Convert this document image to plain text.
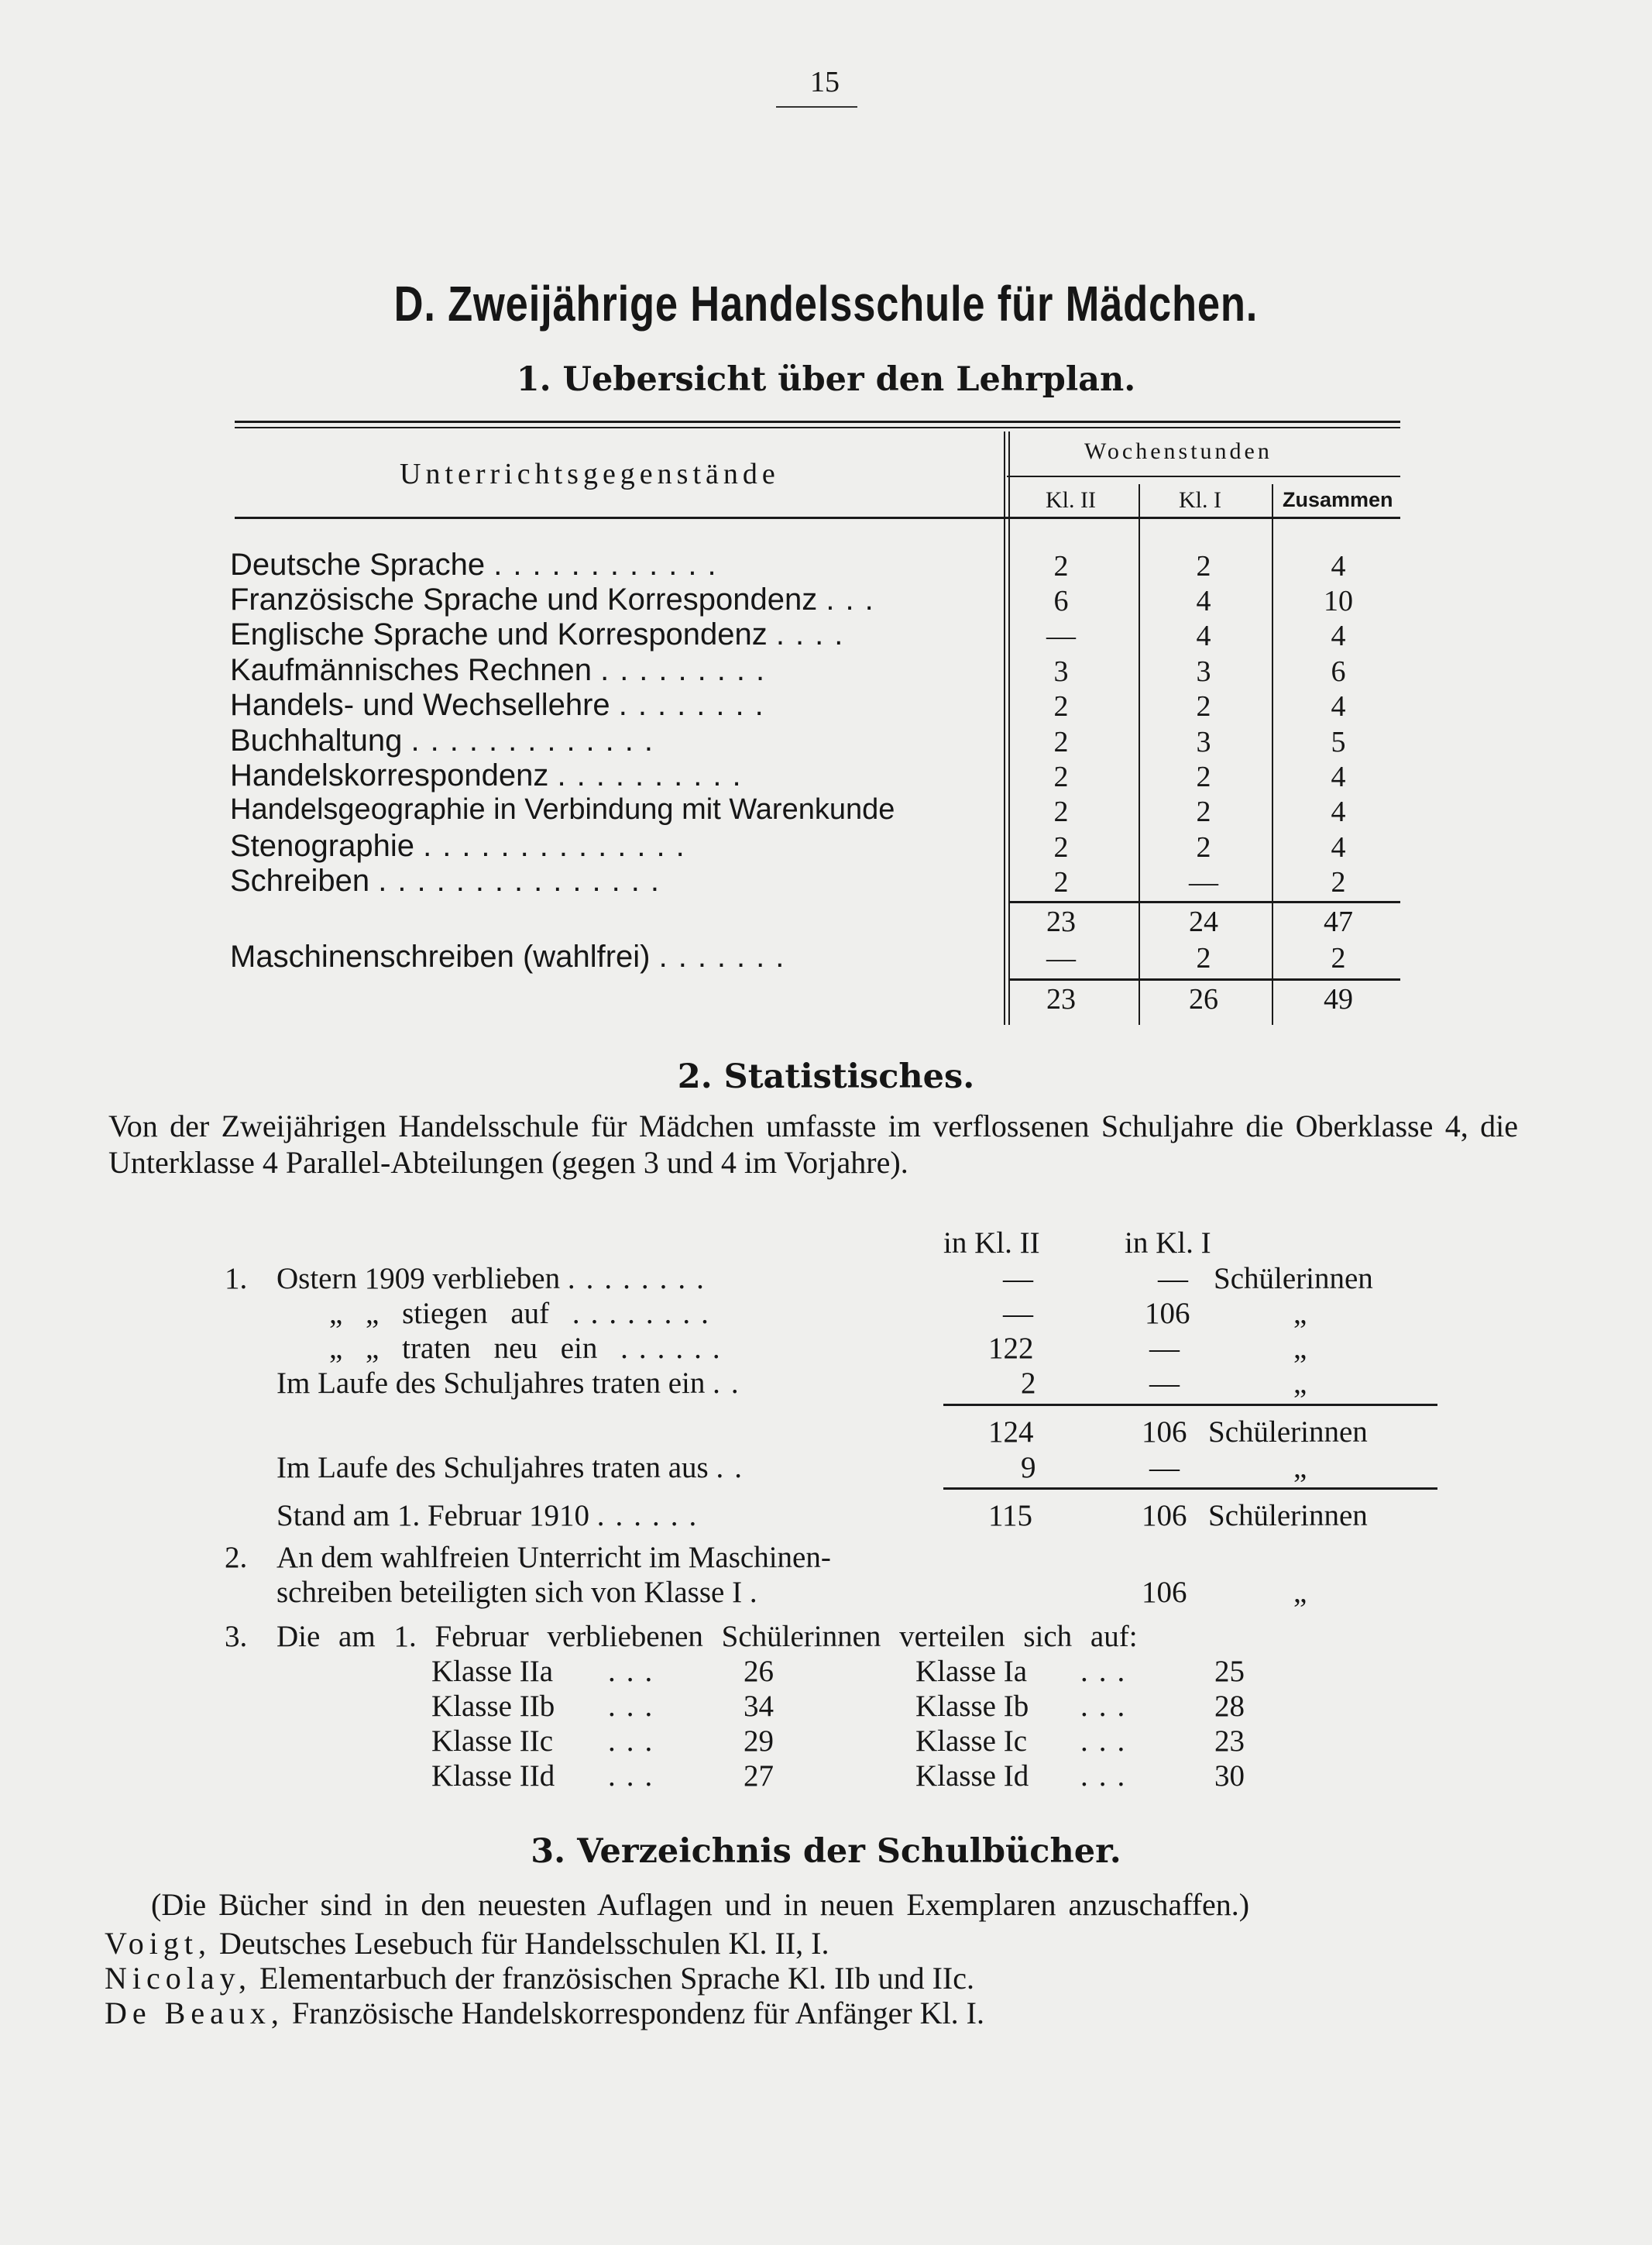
15
D. Zweijährige Handelsschule für Mädchen.
1. Uebersicht über den Lehrplan.
Unterrichtsgegenstände
Wochenstunden
Kl. II	Kl. I	Zusammen
Deutsche Sprache ............	2	2	4
Französische Sprache und Korrespondenz ...	6	4	10
Englische Sprache und Korrespondenz ....	—	4	4
Kaufmännisches Rechnen .........	3	3	6
Handels- und Wechsellehre ........	2	2	4
Buchhaltung .............	2	3	5
Handelskorrespondenz ..........	2	2	4
Handelsgeographie in Verbindung mit Warenkunde	2	2	4
Stenographie ..............	2	2	4
Schreiben ...............	2	—	2
23	24	47
Maschinenschreiben (wahlfrei) .......	—	2	2
23	26	49
2. Statistisches.
Von der Zweijährigen Handelsschule für Mädchen umfasste im verflossenen Schuljahre die Oberklasse 4, die Unterklasse 4 Parallel-Abteilungen (gegen 3 und 4 im Vorjahre).
in Kl. II	in Kl. I
1. Ostern 1909 verblieben ........	—	— Schülerinnen
„ „ stiegen auf ........	—	106	„
„ „ traten neu ein ......	122	—	„
Im Laufe des Schuljahres traten ein ..	2	—	„
124	106 Schülerinnen
Im Laufe des Schuljahres traten aus ..	9	—	„
Stand am 1. Februar 1910 ......	115	106 Schülerinnen
2. An dem wahlfreien Unterricht im Maschinen-
schreiben beteiligten sich von Klasse I .	106	„
3. Die am 1. Februar verbliebenen Schülerinnen verteilen sich auf:
Klasse IIa ...	26	Klasse Ia ...	25
Klasse IIb ...	34	Klasse Ib ...	28
Klasse IIc ...	29	Klasse Ic ...	23
Klasse IId ...	27	Klasse Id ...	30
3. Verzeichnis der Schulbücher.
(Die Bücher sind in den neuesten Auflagen und in neuen Exemplaren anzuschaffen.)
Voigt, Deutsches Lesebuch für Handelsschulen Kl. II, I.
Nicolay, Elementarbuch der französischen Sprache Kl. IIb und IIc.
De Beaux, Französische Handelskorrespondenz für Anfänger Kl. I.
